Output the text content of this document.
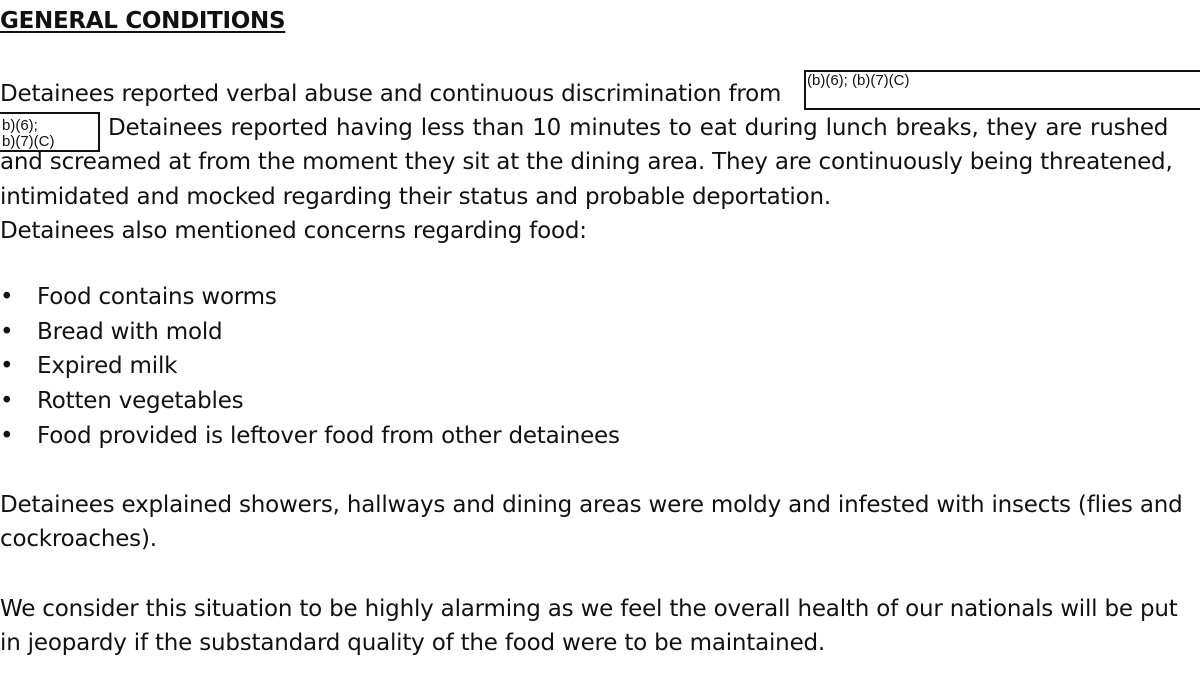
GENERAL CONDITIONS
Detainees reported verbal abuse and continuous discrimination from
(b)(6); (b)(7)(C)
b)(6);
b)(7)(C)
Detainees reported having less than 10 minutes to eat during lunch breaks, they are rushed
and screamed at from the moment they sit at the dining area. They are continuously being threatened,
intimidated and mocked regarding their status and probable deportation.
Detainees also mentioned concerns regarding food:
• Food contains worms
• Bread with mold
• Expired milk
• Rotten vegetables
• Food provided is leftover food from other detainees
Detainees explained showers, hallways and dining areas were moldy and infested with insects (flies and
cockroaches).
We consider this situation to be highly alarming as we feel the overall health of our nationals will be put
in jeopardy if the substandard quality of the food were to be maintained.
